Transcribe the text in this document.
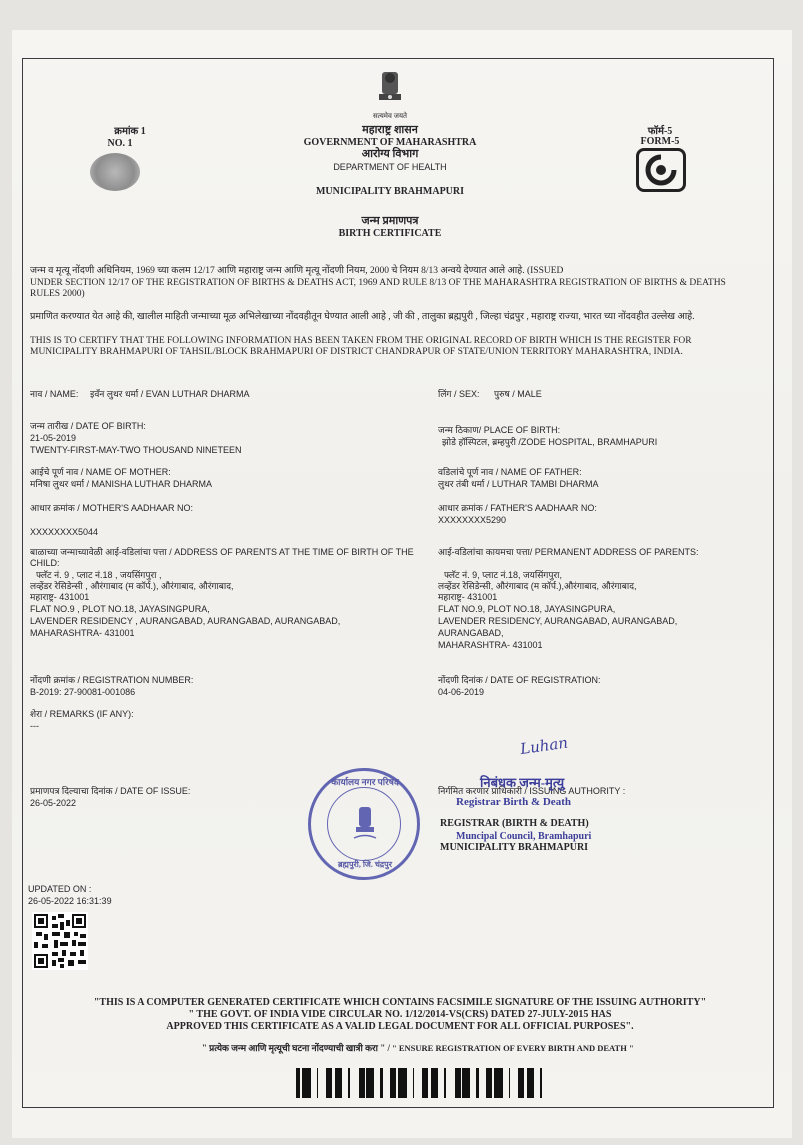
सत्यमेव जयते
क्रमांक 1
NO. 1
महाराष्ट्र शासन
GOVERNMENT OF MAHARASHTRA
आरोग्य विभाग
DEPARTMENT OF HEALTH
MUNICIPALITY BRAHMAPURI
जन्म प्रमाणपत्र
BIRTH CERTIFICATE
फॉर्म-5
FORM-5
जन्म व मृत्यू नोंदणी अधिनियम, 1969 च्या कलम 12/17 आणि महाराष्ट्र जन्म आणि मृत्यू नोंदणी नियम, 2000 चे नियम 8/13 अन्वये देण्यात आले आहे. (ISSUED
UNDER SECTION 12/17 OF THE REGISTRATION OF BIRTHS & DEATHS ACT, 1969 AND RULE 8/13 OF THE MAHARASHTRA REGISTRATION OF BIRTHS & DEATHS RULES 2000)
प्रमाणित करण्यात येत आहे की, खालील माहिती जन्माच्या मूळ अभिलेखाच्या नोंदवहीतून घेण्यात आली आहे , जी की , तालुका ब्रह्मपुरी , जिल्हा चंद्रपुर , महाराष्ट्र राज्या, भारत च्या नोंदवहीत उल्लेख आहे.
THIS IS TO CERTIFY THAT THE FOLLOWING INFORMATION HAS BEEN TAKEN FROM THE ORIGINAL RECORD OF BIRTH WHICH IS THE REGISTER FOR MUNICIPALITY BRAHMAPURI OF TAHSIL/BLOCK BRAHMAPURI OF DISTRICT CHANDRAPUR OF STATE/UNION TERRITORY MAHARASHTRA, INDIA.
नाव / NAME:	इवँन लुथर धर्मा / EVAN LUTHAR DHARMA	लिंग / SEX:	पुरुष / MALE
जन्म तारीख / DATE OF BIRTH:
21-05-2019
TWENTY-FIRST-MAY-TWO THOUSAND NINETEEN
जन्म ठिकाण/ PLACE OF BIRTH:
झोडे हॉस्पिटल, ब्रम्हपुरी /ZODE HOSPITAL, BRAMHAPURI
आईचे पूर्ण नाव / NAME OF MOTHER:
मनिषा लुथर धर्मा / MANISHA LUTHAR DHARMA
वडिलांचे पूर्ण नाव / NAME OF FATHER:
लुथर तंबी धर्मा / LUTHAR TAMBI DHARMA
आधार क्रमांक / MOTHER'S AADHAAR NO:
XXXXXXXX5044
आधार क्रमांक / FATHER'S AADHAAR NO:
XXXXXXXX5290
बाळाच्या जन्माच्यावेळी आई-वडिलांचा पत्ता / ADDRESS OF PARENTS AT THE TIME OF BIRTH OF THE CHILD:
फ्लॅट नं. 9 , प्लाट नं.18 , जयसिंगपुरा ,
लव्हेंडर रेसिडेन्सी , औरंगाबाद (म कॉर्प.), औरंगाबाद, औरंगाबाद,
महाराष्ट्र- 431001
FLAT NO.9 , PLOT NO.18, JAYASINGPURA,
LAVENDER RESIDENCY , AURANGABAD, AURANGABAD, AURANGABAD,
MAHARASHTRA- 431001
आई-वडिलांचा कायमचा पत्ता/ PERMANENT ADDRESS OF PARENTS:
फ्लॅट नं. 9, प्लाट नं.18, जयसिंगपुरा,
लव्हेंडर रेसिडेन्सी, औरंगाबाद (म कॉर्प.),औरंगाबाद, औरंगाबाद,
महाराष्ट्र- 431001
FLAT NO.9, PLOT NO.18, JAYASINGPURA,
LAVENDER RESIDENCY, AURANGABAD, AURANGABAD,
AURANGABAD,
MAHARASHTRA- 431001
नोंदणी क्रमांक / REGISTRATION NUMBER:
B-2019: 27-90081-001086
नोंदणी दिनांक / DATE OF REGISTRATION:
04-06-2019
शेरा / REMARKS (IF ANY):
---
Luhan
प्रमाणपत्र दिल्याचा दिनांक / DATE OF ISSUE:
26-05-2022
कार्यालय नगर परिषद
ब्रह्मपुरी, जि. चंद्रपुर
निर्गमित करणार प्राधिकारी / ISSUING AUTHORITY :
निबंधक जन्म-मृत्यु
Registrar Birth & Death
REGISTRAR (BIRTH & DEATH)
Muncipal Council, Bramhapuri
MUNICIPALITY BRAHMAPURI
UPDATED ON :
26-05-2022 16:31:39
"THIS IS A COMPUTER GENERATED CERTIFICATE WHICH CONTAINS FACSIMILE SIGNATURE OF THE ISSUING AUTHORITY"
" THE GOVT. OF INDIA VIDE CIRCULAR NO. 1/12/2014-VS(CRS) DATED 27-JULY-2015 HAS
APPROVED THIS CERTIFICATE AS A VALID LEGAL DOCUMENT FOR ALL OFFICIAL PURPOSES".
" प्रत्येक जन्म आणि मृत्यूची घटना नोंदण्याची खात्री करा " / " ENSURE REGISTRATION OF EVERY BIRTH AND DEATH "
